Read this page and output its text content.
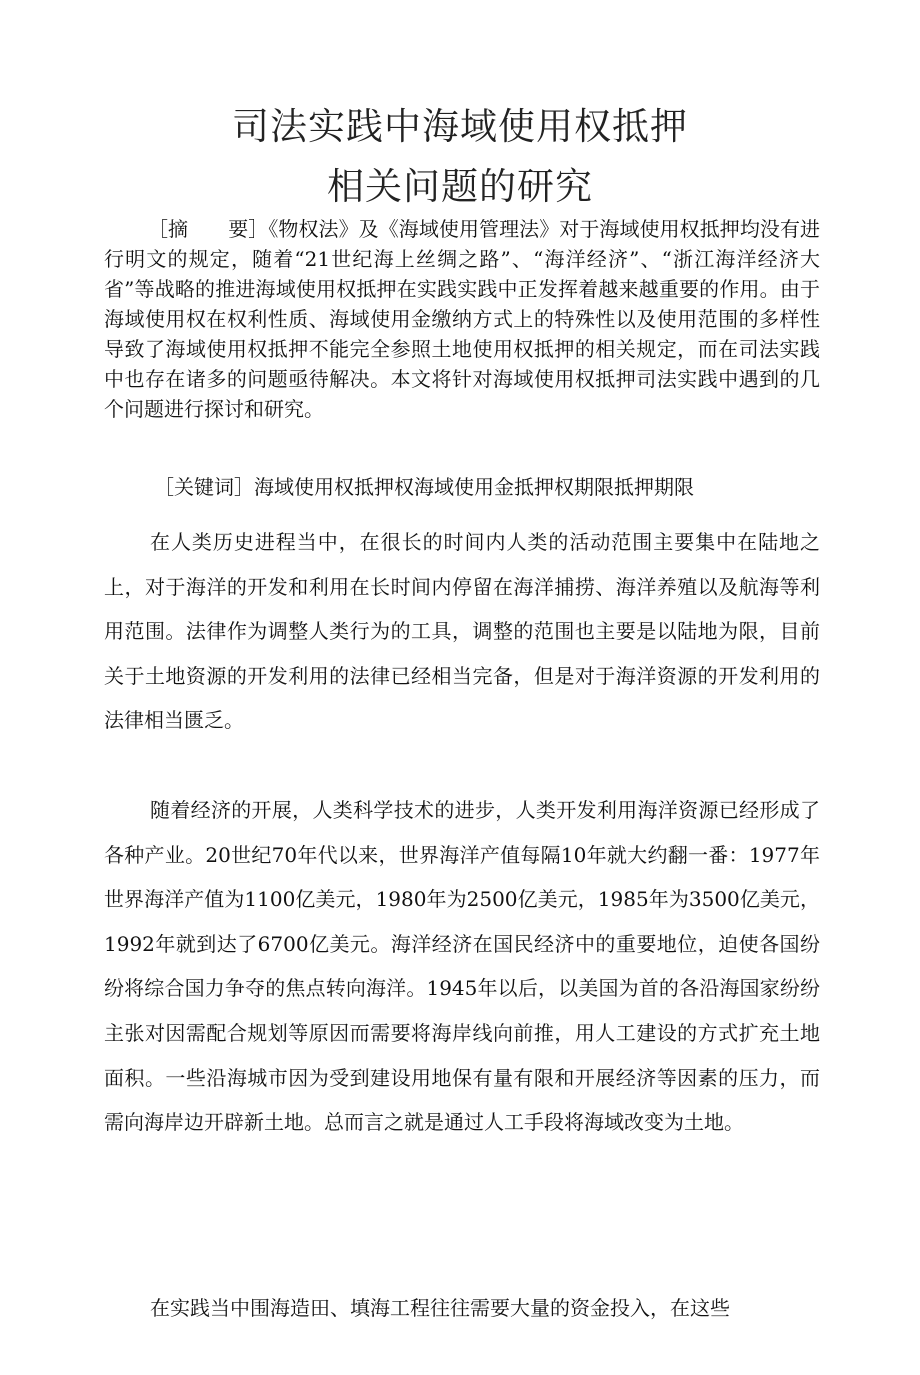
司法实践中海域使用权抵押
相关问题的研究

［摘　　要］《物权法》及《海域使用管理法》对于海域使用权抵押均没有进行明文的规定，随着“21世纪海上丝绸之路”、“海洋经济”、“浙江海洋经济大省”等战略的推进海域使用权抵押在实践实践中正发挥着越来越重要的作用。由于海域使用权在权利性质、海域使用金缴纳方式上的特殊性以及使用范围的多样性导致了海域使用权抵押不能完全参照土地使用权抵押的相关规定，而在司法实践中也存在诸多的问题亟待解决。本文将针对海域使用权抵押司法实践中遇到的几个问题进行探讨和研究。

［关键词］海域使用权抵押权海域使用金抵押权期限抵押期限

在人类历史进程当中，在很长的时间内人类的活动范围主要集中在陆地之上，对于海洋的开发和利用在长时间内停留在海洋捕捞、海洋养殖以及航海等利用范围。法律作为调整人类行为的工具，调整的范围也主要是以陆地为限，目前关于土地资源的开发利用的法律已经相当完备，但是对于海洋资源的开发利用的法律相当匮乏。

随着经济的开展，人类科学技术的进步，人类开发利用海洋资源已经形成了各种产业。20世纪70年代以来，世界海洋产值每隔10年就大约翻一番：1977年世界海洋产值为1100亿美元，1980年为2500亿美元，1985年为3500亿美元，1992年就到达了6700亿美元。海洋经济在国民经济中的重要地位，迫使各国纷纷将综合国力争夺的焦点转向海洋。1945年以后，以美国为首的各沿海国家纷纷主张对因需配合规划等原因而需要将海岸线向前推，用人工建设的方式扩充土地面积。一些沿海城市因为受到建设用地保有量有限和开展经济等因素的压力，而需向海岸边开辟新土地。总而言之就是通过人工手段将海域改变为土地。

在实践当中围海造田、填海工程往往需要大量的资金投入，在这些
